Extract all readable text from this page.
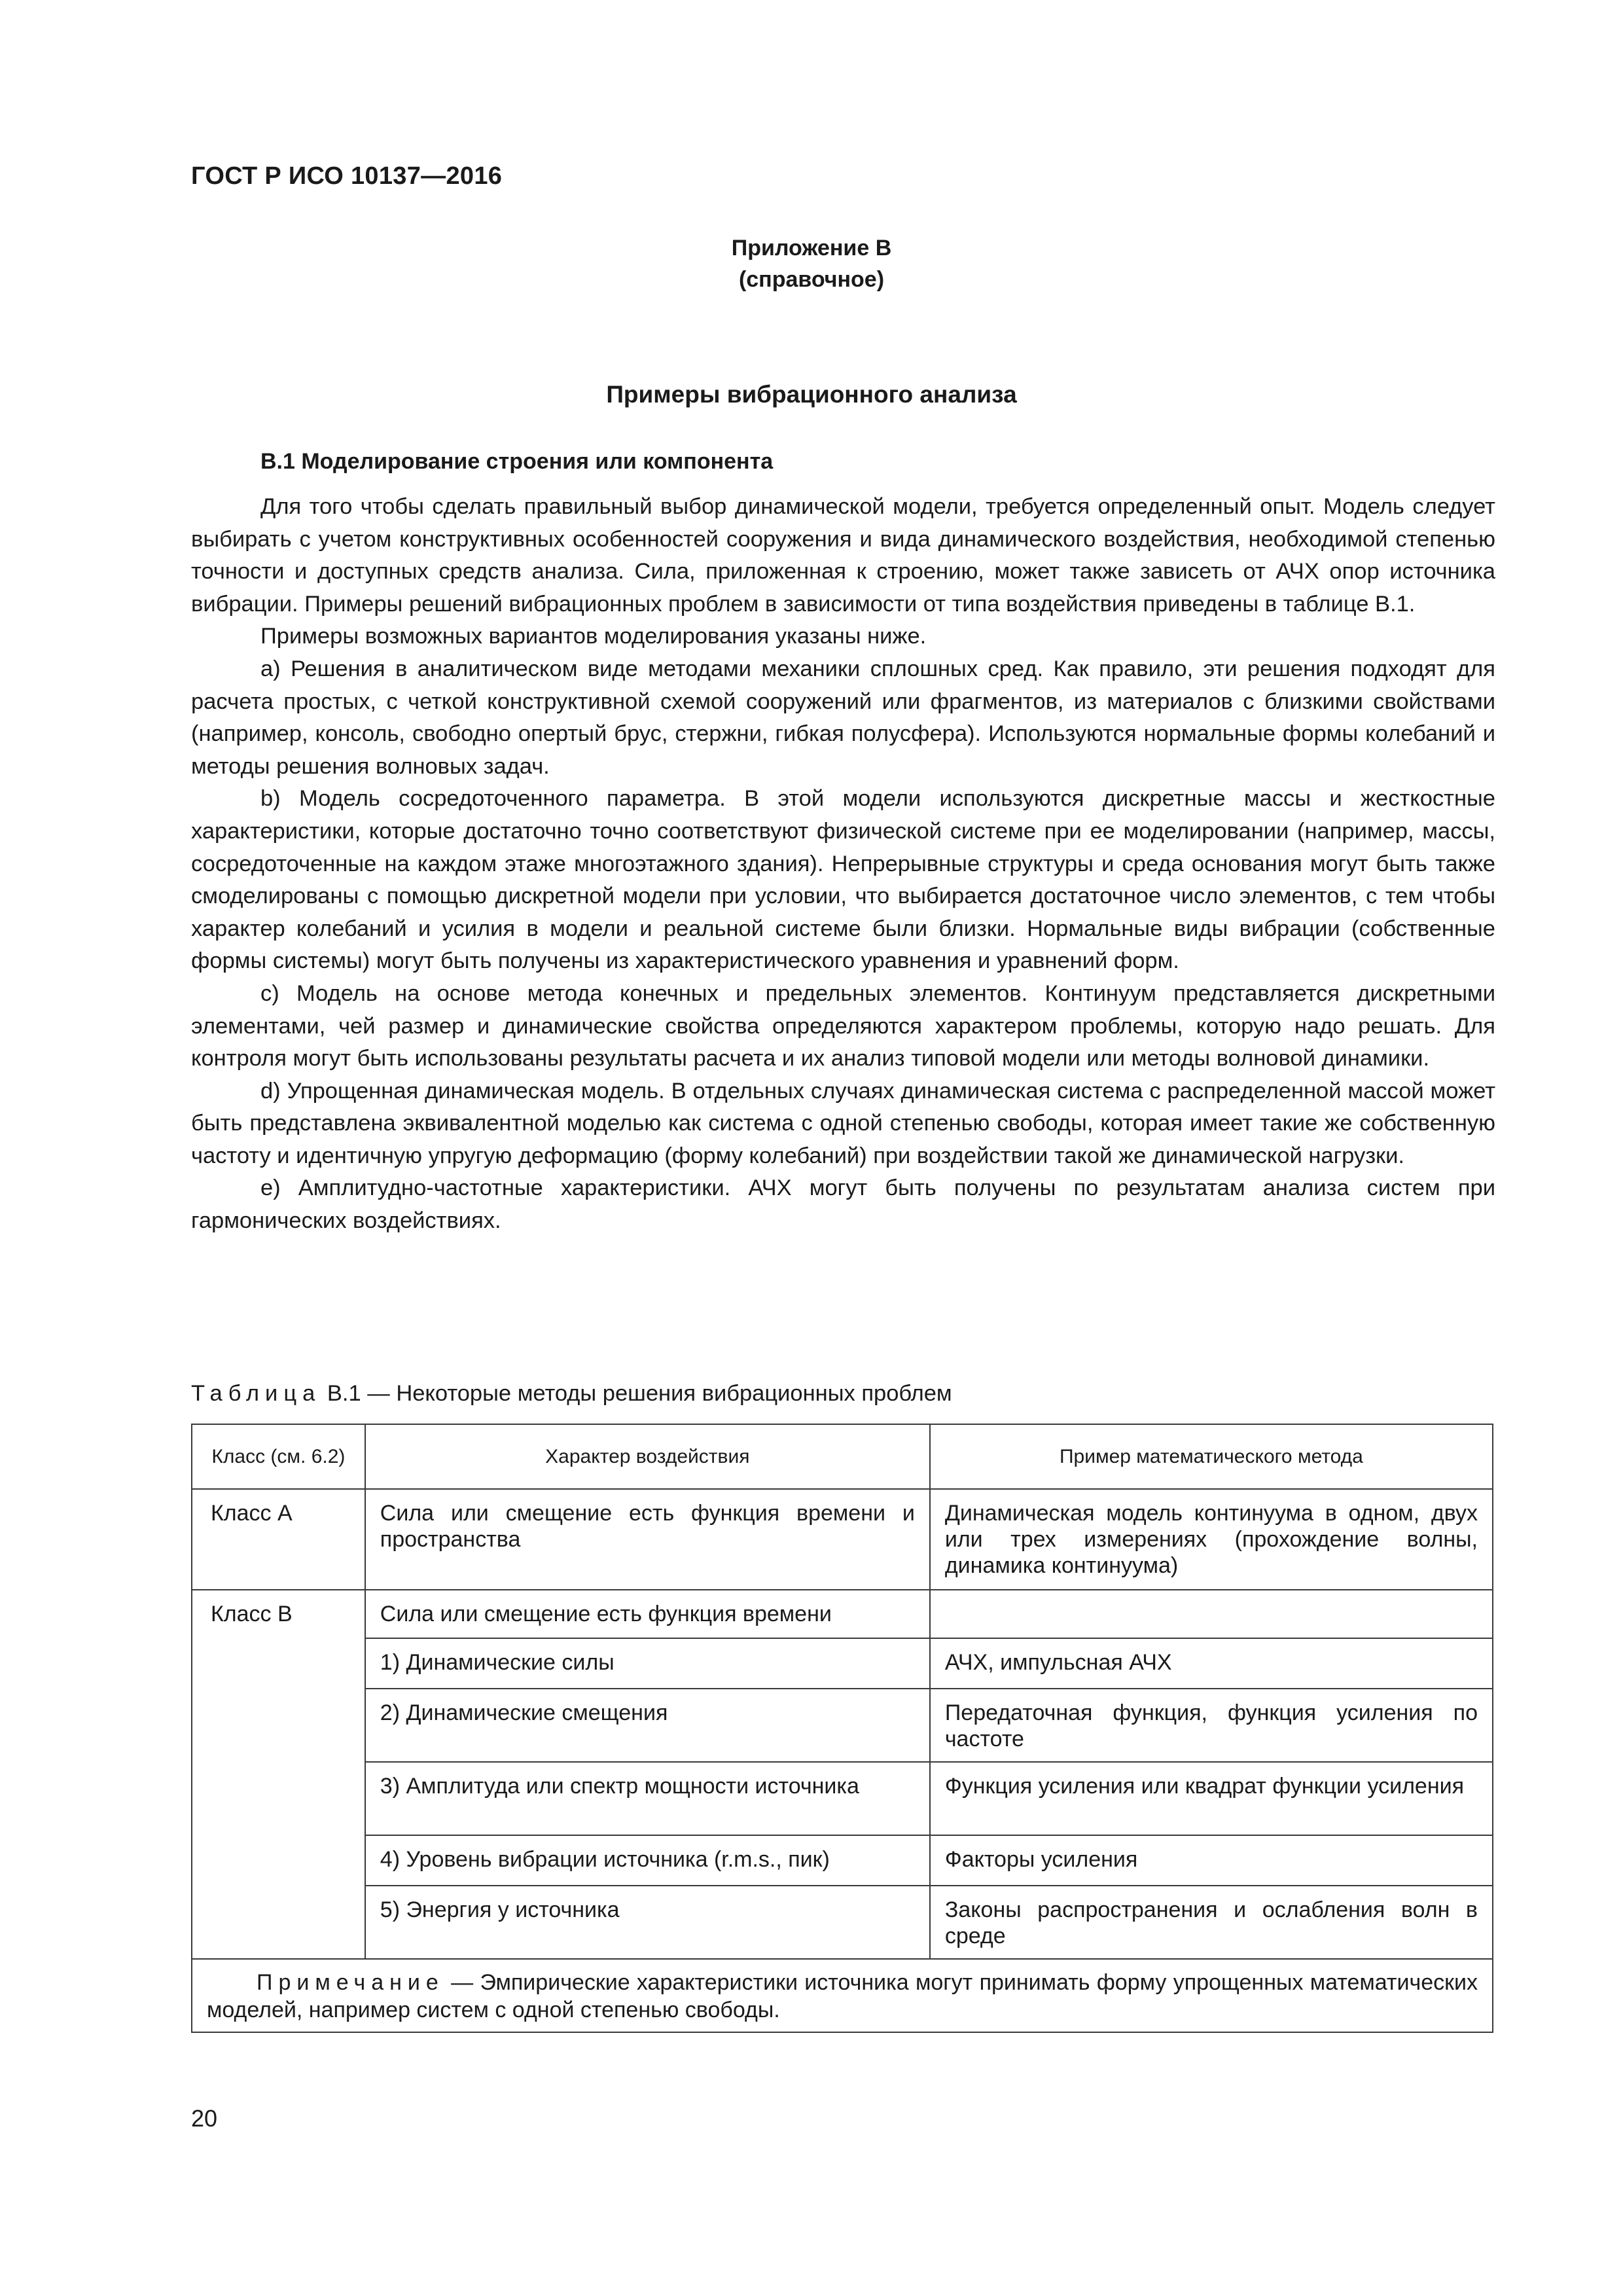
ГОСТ Р ИСО 10137—2016
Приложение В
(справочное)
Примеры вибрационного анализа
В.1 Моделирование строения или компонента

Для того чтобы сделать правильный выбор динамической модели, требуется определенный опыт. Модель следует выбирать с учетом конструктивных особенностей сооружения и вида динамического воздействия, необходимой степенью точности и доступных средств анализа. Сила, приложенная к строению, может также зависеть от АЧХ опор источника вибрации. Примеры решений вибрационных проблем в зависимости от типа воздействия приведены в таблице В.1.

Примеры возможных вариантов моделирования указаны ниже.

a) Решения в аналитическом виде методами механики сплошных сред. Как правило, эти решения подходят для расчета простых, с четкой конструктивной схемой сооружений или фрагментов, из материалов с близкими свойствами (например, консоль, свободно опертый брус, стержни, гибкая полусфера). Используются нормальные формы колебаний и методы решения волновых задач.

b) Модель сосредоточенного параметра. В этой модели используются дискретные массы и жесткостные характеристики, которые достаточно точно соответствуют физической системе при ее моделировании (например, массы, сосредоточенные на каждом этаже многоэтажного здания). Непрерывные структуры и среда основания могут быть также смоделированы с помощью дискретной модели при условии, что выбирается достаточное число элементов, с тем чтобы характер колебаний и усилия в модели и реальной системе были близки. Нормальные виды вибрации (собственные формы системы) могут быть получены из характеристического уравнения и уравнений форм.

c) Модель на основе метода конечных и предельных элементов. Континуум представляется дискретными элементами, чей размер и динамические свойства определяются характером проблемы, которую надо решать. Для контроля могут быть использованы результаты расчета и их анализ типовой модели или методы волновой динамики.

d) Упрощенная динамическая модель. В отдельных случаях динамическая система с распределенной массой может быть представлена эквивалентной моделью как система с одной степенью свободы, которая имеет такие же собственную частоту и идентичную упругую деформацию (форму колебаний) при воздействии такой же динамической нагрузки.

e) Амплитудно-частотные характеристики. АЧХ могут быть получены по результатам анализа систем при гармонических воздействиях.

Таблица В.1 — Некоторые методы решения вибрационных проблем
Класс (см. 6.2)	Характер воздействия	Пример математического метода
Класс А	Сила или смещение есть функция времени и пространства	Динамическая модель континуума в одном, двух или трех измерениях (прохождение волны, динамика континуума)
Класс В	Сила или смещение есть функция времени	
	1) Динамические силы	АЧХ, импульсная АЧХ
	2) Динамические смещения	Передаточная функция, функция усиления по частоте
	3) Амплитуда или спектр мощности источника	Функция усиления или квадрат функции усиления
	4) Уровень вибрации источника (r.m.s., пик)	Факторы усиления
	5) Энергия у источника	Законы распространения и ослабления волн в среде
Примечание — Эмпирические характеристики источника могут принимать форму упрощенных математических моделей, например систем с одной степенью свободы.		
20
